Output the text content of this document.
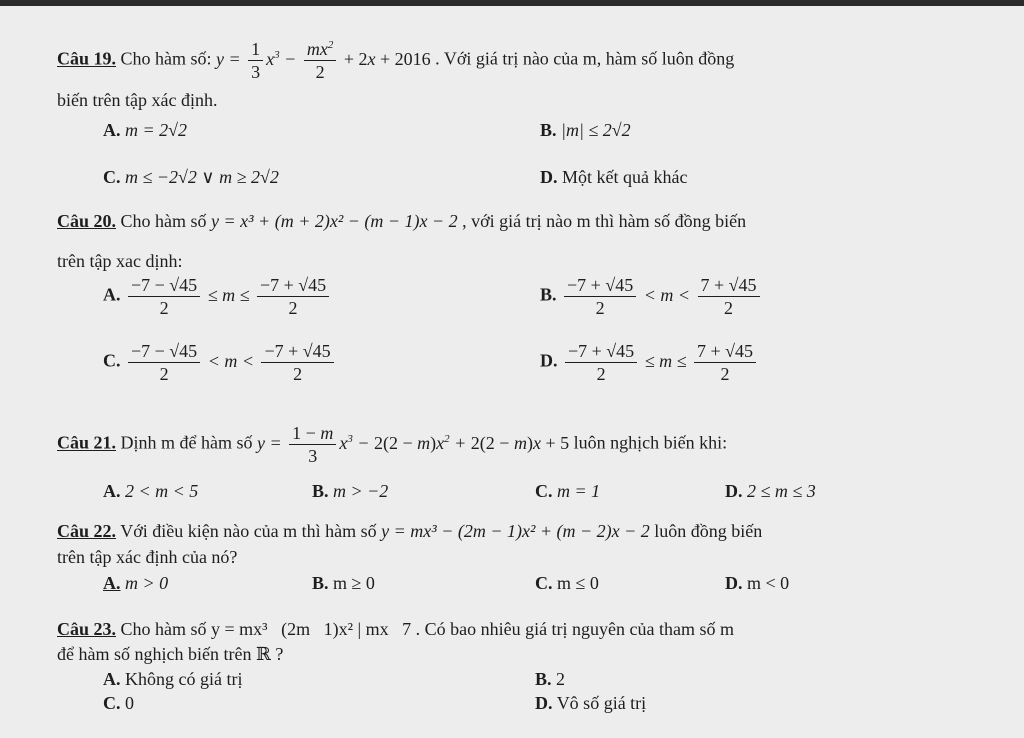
Câu 19. Cho hàm số: $y = \frac{1}{3} x^3 - \frac{mx^2}{2} + 2x + 2016$ . Với giá trị nào của m, hàm số luôn đồng
biến trên tập xác định.
A. m = 2√2	B. |m| ≤ 2√2
C. m ≤ −2√2 ∨ m ≥ 2√2	D. Một kết quả khác
Câu 20. Cho hàm số y = x³ + (m + 2)x² − (m − 1)x − 2 , với giá trị nào m thì hàm số đồng biến
trên tập xac dịnh:
A. $\frac{-7 - √45}{2} \le m \le \frac{-7 + √45}{2}$	B. $\frac{-7 + √45}{2} < m < \frac{7 + √45}{2}$
C. $\frac{-7 - √45}{2} < m < \frac{-7 + √45}{2}$	D. $\frac{-7 + √45}{2} \le m \le \frac{7 + √45}{2}$
Câu 21. Dịnh m để hàm số $y = \frac{1 - m}{3} x^3 - 2(2 - m)x^2 + 2(2 - m)x + 5$ luôn nghịch biến khi:
A. 2 < m < 5	B. m > −2	C. m = 1	D. 2 ≤ m ≤ 3
Câu 22. Với điều kiện nào của m thì hàm số y = mx³ − (2m − 1)x² + (m − 2)x − 2 luôn đồng biến
trên tập xác định của nó?
A. m > 0	B. m ≥ 0	C. m ≤ 0	D. m < 0
Câu 23. Cho hàm số y = mx³   (2m   1)x² | mx   7 . Có bao nhiêu giá trị nguyên của tham số m
để hàm số nghịch biến trên ℝ ?
A. Không có giá trị	B. 2
C. 0	D. Vô số giá trị
